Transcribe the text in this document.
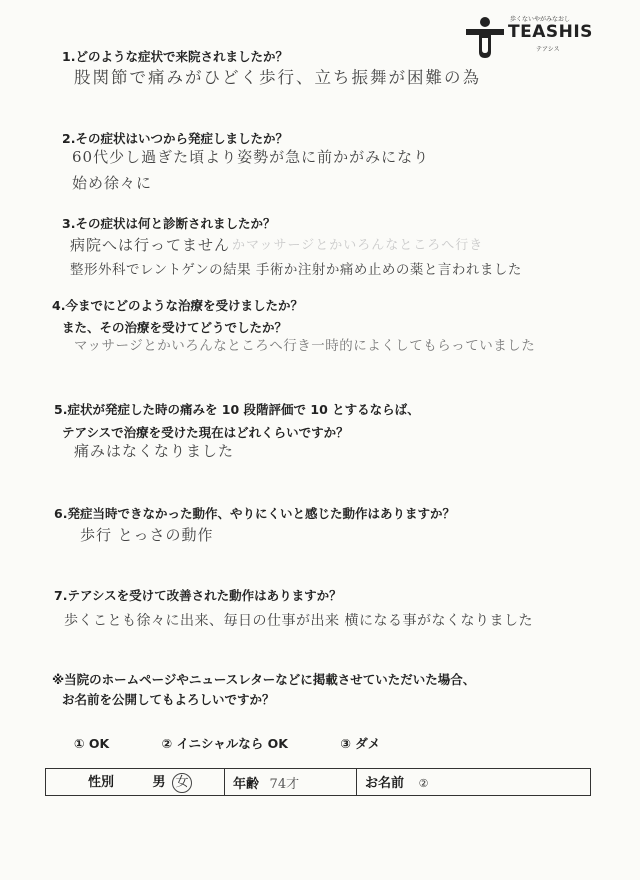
歩くないやがみなおし
TEASHIS
テアシス
1.どのような症状で来院されましたか？
股関節で痛みがひどく歩行、立ち振舞が困難の為
2.その症状はいつから発症しましたか？
60代少し過ぎた頃より姿勢が急に前かがみになり
始め徐々に
3.その症状は何と診断されましたか？
病院へは行ってません かマッサージとかいろんなところへ行き
整形外科でレントゲンの結果 手術か注射か痛め止めの薬と言われました
4.今までにどのような治療を受けましたか？
また、その治療を受けてどうでしたか？
マッサージとかいろんなところへ行き一時的によくしてもらっていました
5.症状が発症した時の痛みを 10 段階評価で 10 とするならば、
テアシスで治療を受けた現在はどれくらいですか？
痛みはなくなりました
6.発症当時できなかった動作、やりにくいと感じた動作はありますか？
歩行 とっさの動作
7.テアシスを受けて改善された動作はありますか？
歩くことも徐々に出来、毎日の仕事が出来 横になる事がなくなりました
※当院のホームページやニュースレターなどに掲載させていただいた場合、
お名前を公開してもよろしいですか？
① OK	② イニシャルなら OK	③ ダメ
性別	男 女	年齢 74才	お名前 ②
